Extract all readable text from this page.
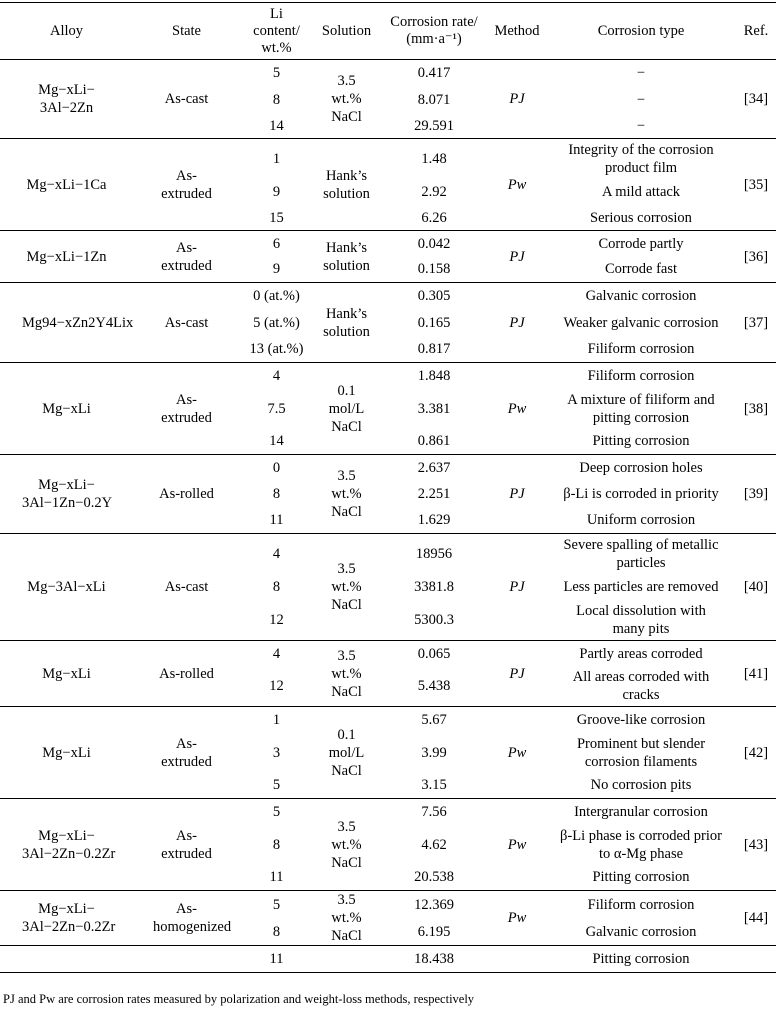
Alloy	State	Li content/ wt.%	Solution	Corrosion rate/ (mm·a⁻¹)	Method	Corrosion type	Ref.
Mg−xLi− 3Al−2Zn	As-cast	5	3.5 wt.% NaCl	0.417	PJ	−	[34]
		8		8.071		−	
		14		29.591		−	
Mg−xLi−1Ca	As-extruded	1	Hank’s solution	1.48	Pw	Integrity of the corrosion product film	[35]
		9		2.92		A mild attack	
		15		6.26		Serious corrosion	
Mg−xLi−1Zn	As-extruded	6	Hank’s solution	0.042	PJ	Corrode partly	[36]
		9		0.158		Corrode fast	
Mg94−xZn2Y4Lix	As-cast	0 (at.%)	Hank’s solution	0.305	PJ	Galvanic corrosion	[37]
		5 (at.%)		0.165		Weaker galvanic corrosion	
		13 (at.%)		0.817		Filiform corrosion	
Mg−xLi	As-extruded	4	0.1 mol/L NaCl	1.848	Pw	Filiform corrosion	[38]
		7.5		3.381		A mixture of filiform and pitting corrosion	
		14		0.861		Pitting corrosion	
Mg−xLi− 3Al−1Zn−0.2Y	As-rolled	0	3.5 wt.% NaCl	2.637	PJ	Deep corrosion holes	[39]
		8		2.251		β-Li is corroded in priority	
		11		1.629		Uniform corrosion	
Mg−3Al−xLi	As-cast	4	3.5 wt.% NaCl	18956	PJ	Severe spalling of metallic particles	[40]
		8		3381.8		Less particles are removed	
		12		5300.3		Local dissolution with many pits	
Mg−xLi	As-rolled	4	3.5 wt.% NaCl	0.065	PJ	Partly areas corroded	[41]
		12		5.438		All areas corroded with cracks	
Mg−xLi	As-extruded	1	0.1 mol/L NaCl	5.67	Pw	Groove-like corrosion	[42]
		3		3.99		Prominent but slender corrosion filaments	
		5		3.15		No corrosion pits	
Mg−xLi− 3Al−2Zn−0.2Zr	As-extruded	5	3.5 wt.% NaCl	7.56	Pw	Intergranular corrosion	[43]
		8		4.62		β-Li phase is corroded prior to α-Mg phase	
		11		20.538		Pitting corrosion	
Mg−xLi− 3Al−2Zn−0.2Zr	As- homogenized	5	3.5 wt.% NaCl	12.369	Pw	Filiform corrosion	[44]
		8		6.195		Galvanic corrosion	
		11		18.438		Pitting corrosion	
PJ and Pw are corrosion rates measured by polarization and weight-loss methods, respectively
